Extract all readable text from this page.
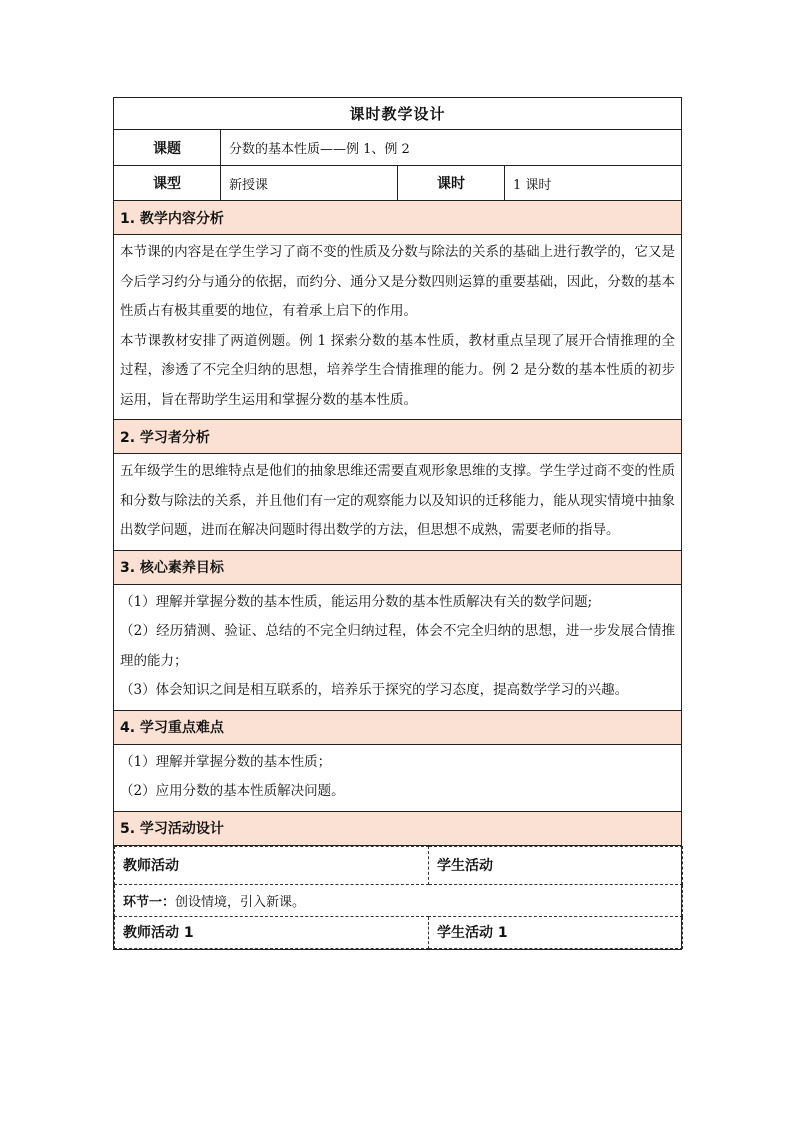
课时教学设计
课题	分数的基本性质——例 1、例 2
课型	新授课	课时	1 课时
1. 教学内容分析

本节课的内容是在学生学习了商不变的性质及分数与除法的关系的基础上进行教学的，它又是今后学习约分与通分的依据，而约分、通分又是分数四则运算的重要基础，因此，分数的基本性质占有极其重要的地位，有着承上启下的作用。

本节课教材安排了两道例题。例 1 探索分数的基本性质，教材重点呈现了展开合情推理的全过程，渗透了不完全归纳的思想，培养学生合情推理的能力。例 2 是分数的基本性质的初步运用，旨在帮助学生运用和掌握分数的基本性质。

2. 学习者分析

五年级学生的思维特点是他们的抽象思维还需要直观形象思维的支撑。学生学过商不变的性质和分数与除法的关系，并且他们有一定的观察能力以及知识的迁移能力，能从现实情境中抽象出数学问题，进而在解决问题时得出数学的方法，但思想不成熟，需要老师的指导。

3. 核心素养目标

（1）理解并掌握分数的基本性质，能运用分数的基本性质解决有关的数学问题;

（2）经历猜测、验证、总结的不完全归纳过程，体会不完全归纳的思想，进一步发展合情推理的能力；

（3）体会知识之间是相互联系的，培养乐于探究的学习态度，提高数学学习的兴趣。

4. 学习重点难点

（1）理解并掌握分数的基本性质；

（2）应用分数的基本性质解决问题。

5. 学习活动设计

教师活动	学生活动
环节一：创设情境，引入新课。
教师活动 1	学生活动 1
